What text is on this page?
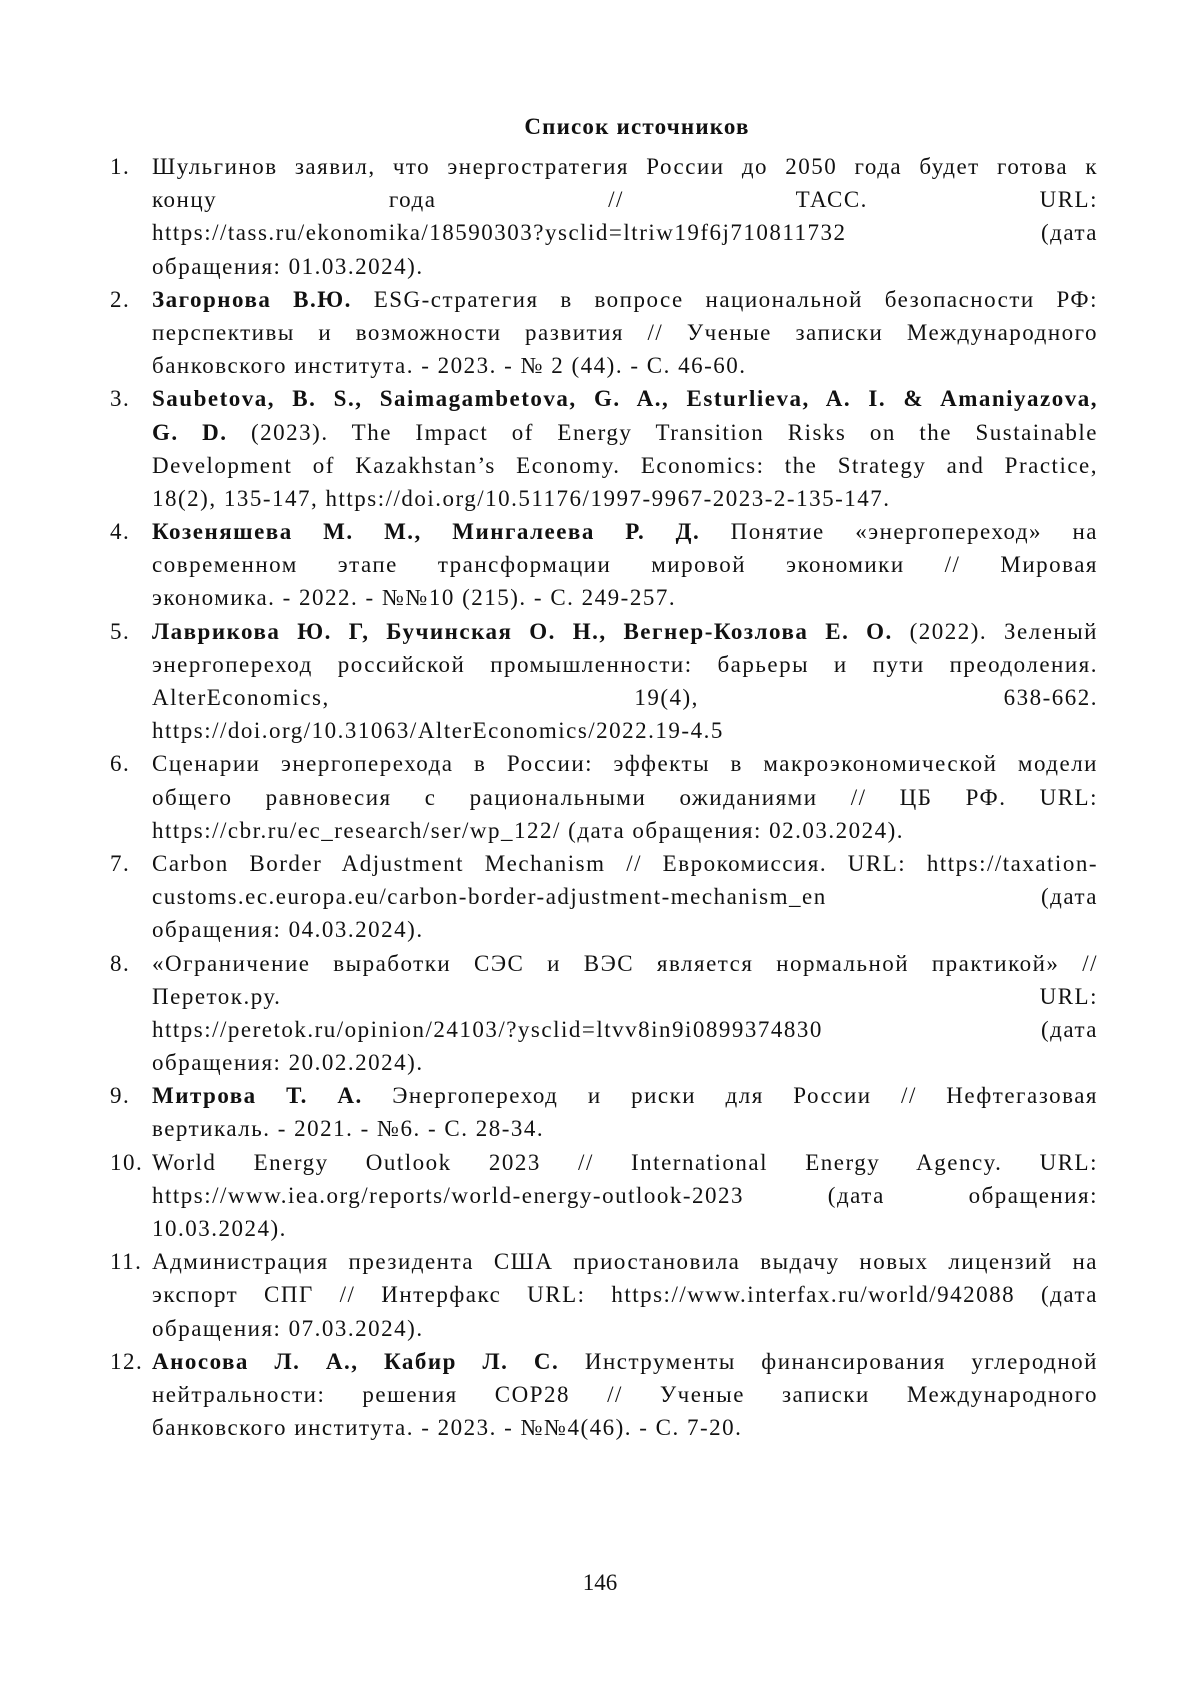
Список источников
1. Шульгинов заявил, что энергостратегия России до 2050 года будет готова к
концу года // ТАСС. URL:
https://tass.ru/ekonomika/18590303?ysclid=ltriw19f6j710811732 (дата
обращения: 01.03.2024).
2. Загорнова В.Ю. ESG-стратегия в вопросе национальной безопасности РФ:
перспективы и возможности развития // Ученые записки Международного
банковского института. - 2023. - № 2 (44). - С. 46-60.
3. Saubetova, B. S., Saimagambetova, G. A., Esturlieva, A. I. & Amaniyazova,
G. D. (2023). The Impact of Energy Transition Risks on the Sustainable
Development of Kazakhstan’s Economy. Economics: the Strategy and Practice,
18(2), 135-147, https://doi.org/10.51176/1997-9967-2023-2-135-147.
4. Козеняшева М. М., Мингалеева Р. Д. Понятие «энергопереход» на
современном этапе трансформации мировой экономики // Мировая
экономика. - 2022. - №№10 (215). - С. 249-257.
5. Лаврикова Ю. Г, Бучинская О. Н., Вегнер-Козлова Е. О. (2022). Зеленый
энергопереход российской промышленности: барьеры и пути преодоления.
AlterEconomics, 19(4), 638-662.
https://doi.org/10.31063/AlterEconomics/2022.19-4.5
6. Сценарии энергоперехода в России: эффекты в макроэкономической модели
общего равновесия с рациональными ожиданиями // ЦБ РФ. URL:
https://cbr.ru/ec_research/ser/wp_122/ (дата обращения: 02.03.2024).
7. Carbon Border Adjustment Mechanism // Еврокомиссия. URL: https://taxation-
customs.ec.europa.eu/carbon-border-adjustment-mechanism_en (дата
обращения: 04.03.2024).
8. «Ограничение выработки СЭС и ВЭС является нормальной практикой» //
Переток.ру. URL:
https://peretok.ru/opinion/24103/?ysclid=ltvv8in9i0899374830 (дата
обращения: 20.02.2024).
9. Митрова Т. А. Энергопереход и риски для России // Нефтегазовая
вертикаль. - 2021. - №6. - С. 28-34.
10. World Energy Outlook 2023 // International Energy Agency. URL:
https://www.iea.org/reports/world-energy-outlook-2023 (дата обращения:
10.03.2024).
11. Администрация президента США приостановила выдачу новых лицензий на
экспорт СПГ // Интерфакс URL: https://www.interfax.ru/world/942088 (дата
обращения: 07.03.2024).
12. Аносова Л. А., Кабир Л. С. Инструменты финансирования углеродной
нейтральности: решения COP28 // Ученые записки Международного
банковского института. - 2023. - №№4(46). - С. 7-20.
146
